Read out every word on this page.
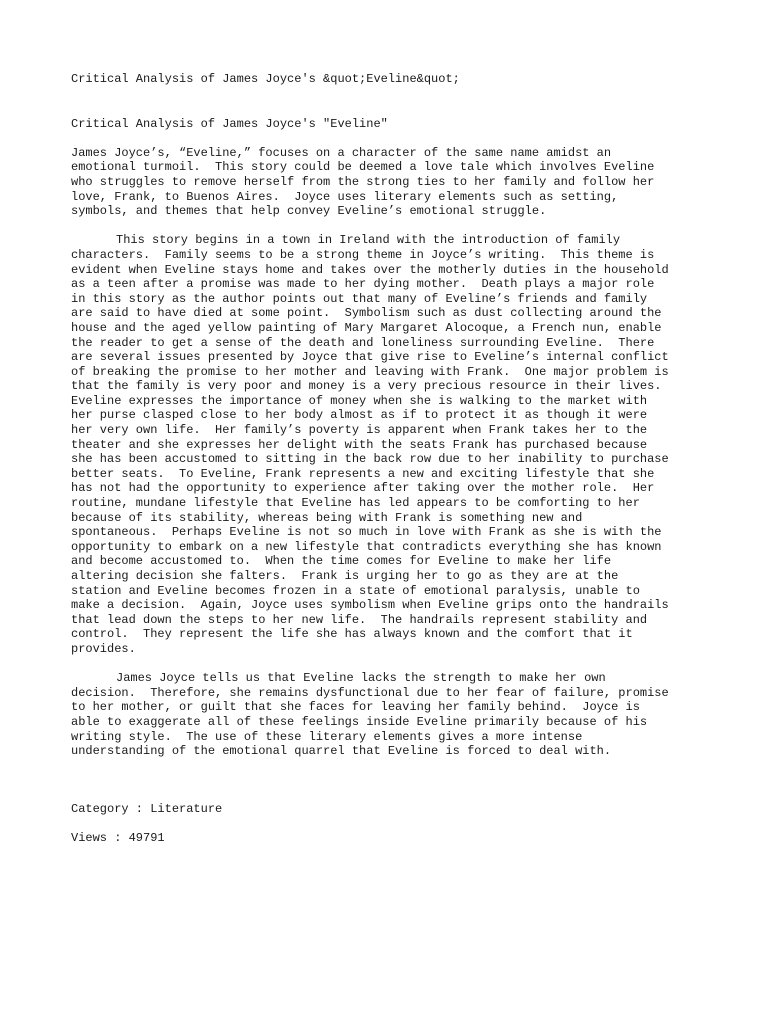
Critical Analysis of James Joyce's &quot;Eveline&quot;
Critical Analysis of James Joyce's "Eveline"
James Joyce’s, “Eveline,” focuses on a character of the same name amidst an
emotional turmoil.  This story could be deemed a love tale which involves Eveline
who struggles to remove herself from the strong ties to her family and follow her
love, Frank, to Buenos Aires.  Joyce uses literary elements such as setting,
symbols, and themes that help convey Eveline’s emotional struggle.
This story begins in a town in Ireland with the introduction of family
characters.  Family seems to be a strong theme in Joyce’s writing.  This theme is
evident when Eveline stays home and takes over the motherly duties in the household
as a teen after a promise was made to her dying mother.  Death plays a major role
in this story as the author points out that many of Eveline’s friends and family
are said to have died at some point.  Symbolism such as dust collecting around the
house and the aged yellow painting of Mary Margaret Alocoque, a French nun, enable
the reader to get a sense of the death and loneliness surrounding Eveline.  There
are several issues presented by Joyce that give rise to Eveline’s internal conflict
of breaking the promise to her mother and leaving with Frank.  One major problem is
that the family is very poor and money is a very precious resource in their lives.
Eveline expresses the importance of money when she is walking to the market with
her purse clasped close to her body almost as if to protect it as though it were
her very own life.  Her family’s poverty is apparent when Frank takes her to the
theater and she expresses her delight with the seats Frank has purchased because
she has been accustomed to sitting in the back row due to her inability to purchase
better seats.  To Eveline, Frank represents a new and exciting lifestyle that she
has not had the opportunity to experience after taking over the mother role.  Her
routine, mundane lifestyle that Eveline has led appears to be comforting to her
because of its stability, whereas being with Frank is something new and
spontaneous.  Perhaps Eveline is not so much in love with Frank as she is with the
opportunity to embark on a new lifestyle that contradicts everything she has known
and become accustomed to.  When the time comes for Eveline to make her life
altering decision she falters.  Frank is urging her to go as they are at the
station and Eveline becomes frozen in a state of emotional paralysis, unable to
make a decision.  Again, Joyce uses symbolism when Eveline grips onto the handrails
that lead down the steps to her new life.  The handrails represent stability and
control.  They represent the life she has always known and the comfort that it
provides.
James Joyce tells us that Eveline lacks the strength to make her own
decision.  Therefore, she remains dysfunctional due to her fear of failure, promise
to her mother, or guilt that she faces for leaving her family behind.  Joyce is
able to exaggerate all of these feelings inside Eveline primarily because of his
writing style.  The use of these literary elements gives a more intense
understanding of the emotional quarrel that Eveline is forced to deal with.
Category : Literature
Views : 49791
